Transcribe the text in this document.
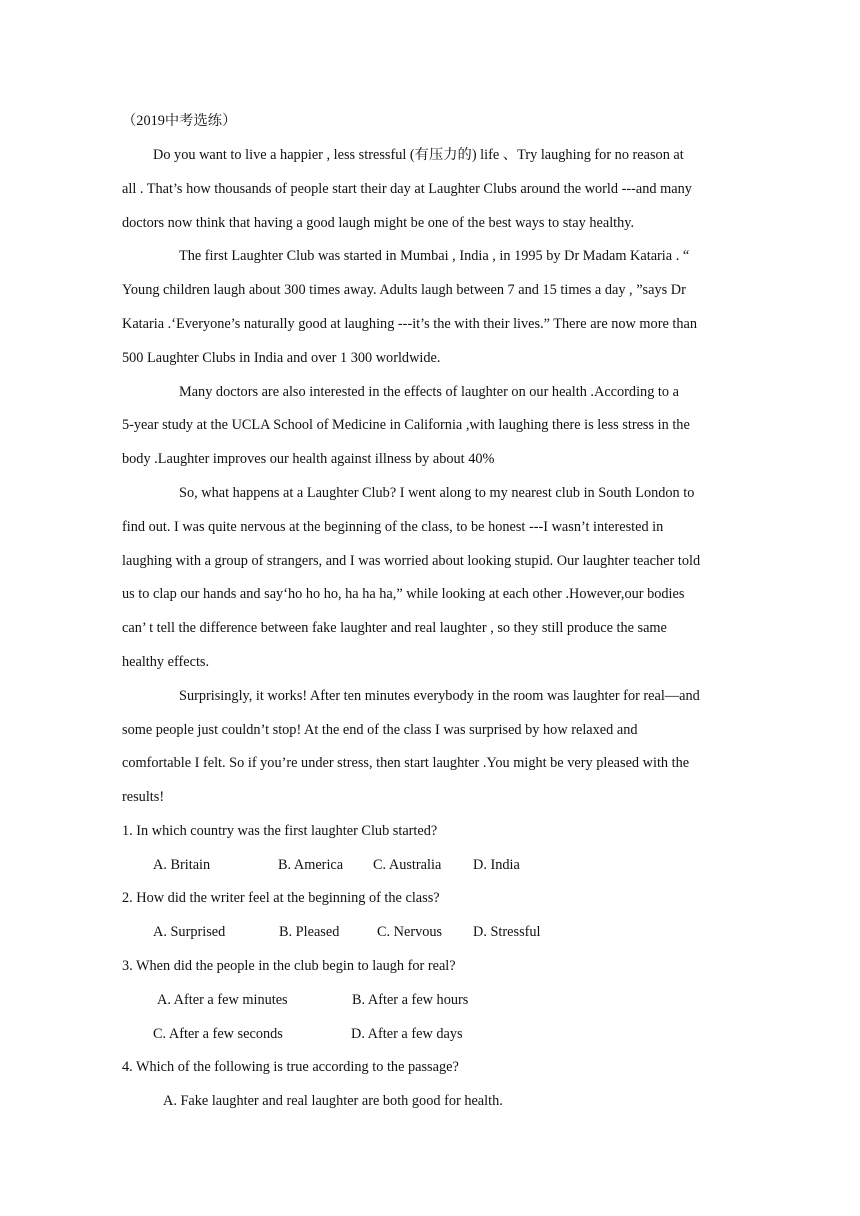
（2019中考选练）
Do you want to live a happier , less stressful (有压力的) life 、Try laughing for no reason at
all . That’s how thousands of people start their day at Laughter Clubs around the world ---and many
doctors now think that having a good laugh might be one of the best ways to stay healthy.
The first Laughter Club was started in Mumbai , India , in 1995 by Dr Madam Kataria . “
Young children laugh about 300 times away. Adults laugh between 7 and 15 times a day , ”says Dr
Kataria .‘Everyone’s naturally good at laughing ---it’s the with their lives.” There are now more than
500 Laughter Clubs in India and over 1 300 worldwide.
Many doctors are also interested in the effects of laughter on our health .According to a
5-year study at the UCLA School of Medicine in California ,with laughing there is less stress in the
body .Laughter improves our health against illness by about 40%
So, what happens at a Laughter Club? I went along to my nearest club in South London to
find out. I was quite nervous at the beginning of the class, to be honest ---I wasn’t interested in
laughing with a group of strangers, and I was worried about looking stupid. Our laughter teacher told
us to clap our hands and say‘ho ho ho, ha ha ha,” while looking at each other .However,our bodies
can’ t tell the difference between fake laughter and real laughter , so they still produce the same
healthy effects.
Surprisingly, it works! After ten minutes everybody in the room was laughter for real—and
some people just couldn’t stop! At the end of the class I was surprised by how relaxed and
comfortable I felt. So if you’re under stress, then start laughter .You might be very pleased with the
results!
1. In which country was the first laughter Club started?
A. Britain	B. America C. Australia D. India
2. How did the writer feel at the beginning of the class?
A. Surprised	B. Pleased	C. Nervous D. Stressful
3. When did the people in the club begin to laugh for real?
A. After a few minutes	B. After a few hours
C. After a few seconds	D. After a few days
4. Which of the following is true according to the passage?
A. Fake laughter and real laughter are both good for health.
